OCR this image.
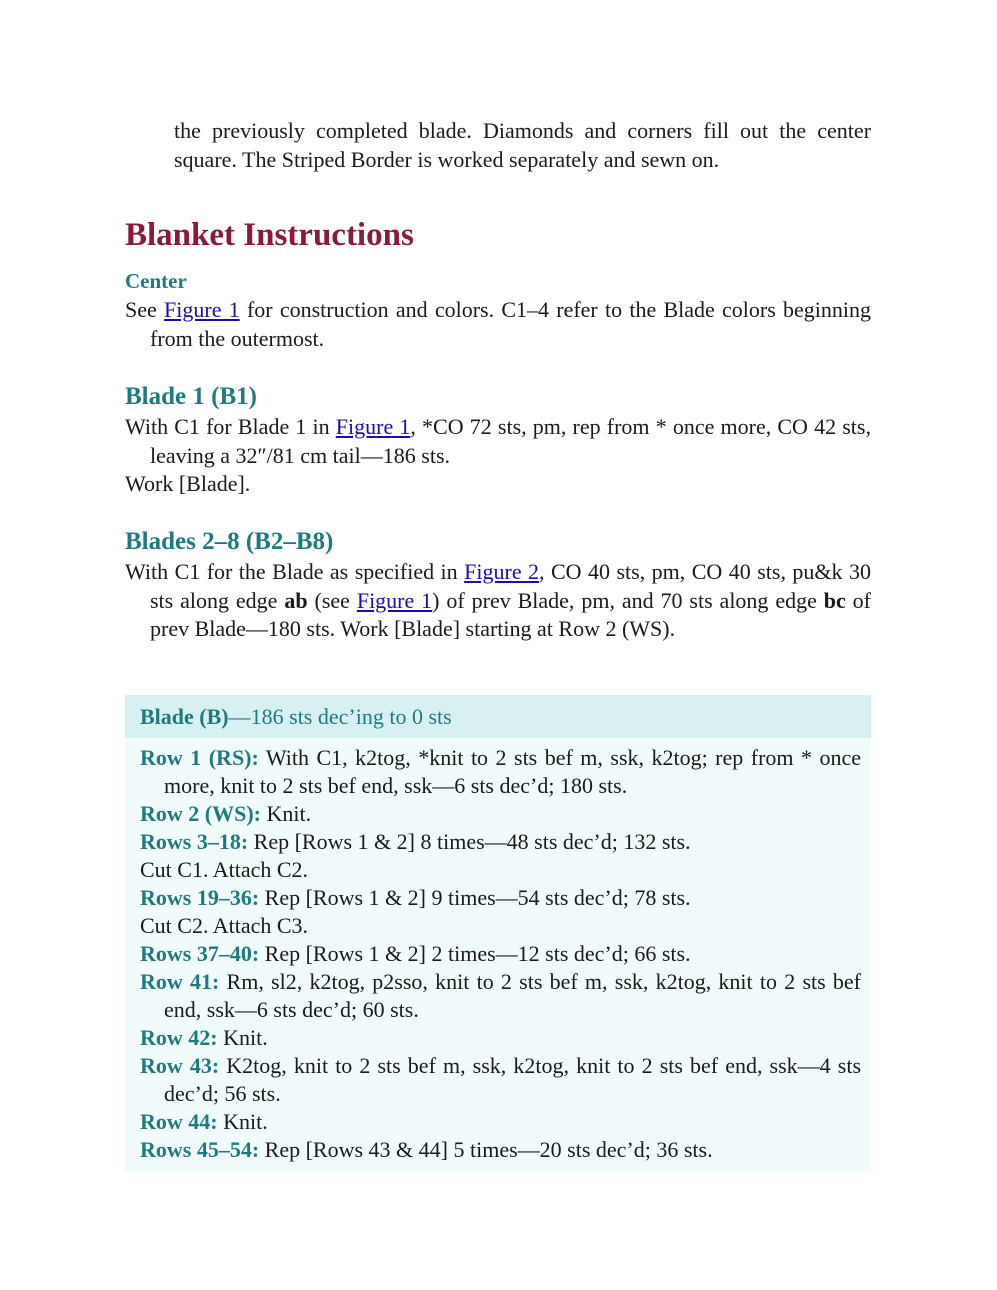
the previously completed blade. Diamonds and corners fill out the center square. The Striped Border is worked separately and sewn on.
Blanket Instructions
Center

See Figure 1 for construction and colors. C1–4 refer to the Blade colors beginning from the outermost.

Blade 1 (B1)

With C1 for Blade 1 in Figure 1, *CO 72 sts, pm, rep from * once more, CO 42 sts, leaving a 32″/81 cm tail—186 sts.

Work [Blade].

Blades 2–8 (B2–B8)

With C1 for the Blade as specified in Figure 2, CO 40 sts, pm, CO 40 sts, pu&k 30 sts along edge ab (see Figure 1) of prev Blade, pm, and 70 sts along edge bc of prev Blade—180 sts. Work [Blade] starting at Row 2 (WS).

Blade (B) —186 sts dec’ing to 0 sts

Row 1 (RS): With C1, k2tog, *knit to 2 sts bef m, ssk, k2tog; rep from * once more, knit to 2 sts bef end, ssk—6 sts dec’d; 180 sts.

Row 2 (WS): Knit.

Rows 3–18: Rep [Rows 1 & 2] 8 times—48 sts dec’d; 132 sts.

Cut C1. Attach C2.

Rows 19–36: Rep [Rows 1 & 2] 9 times—54 sts dec’d; 78 sts.

Cut C2. Attach C3.

Rows 37–40: Rep [Rows 1 & 2] 2 times—12 sts dec’d; 66 sts.

Row 41: Rm, sl2, k2tog, p2sso, knit to 2 sts bef m, ssk, k2tog, knit to 2 sts bef end, ssk—6 sts dec’d; 60 sts.

Row 42: Knit.

Row 43: K2tog, knit to 2 sts bef m, ssk, k2tog, knit to 2 sts bef end, ssk—4 sts dec’d; 56 sts.

Row 44: Knit.

Rows 45–54: Rep [Rows 43 & 44] 5 times—20 sts dec’d; 36 sts.
